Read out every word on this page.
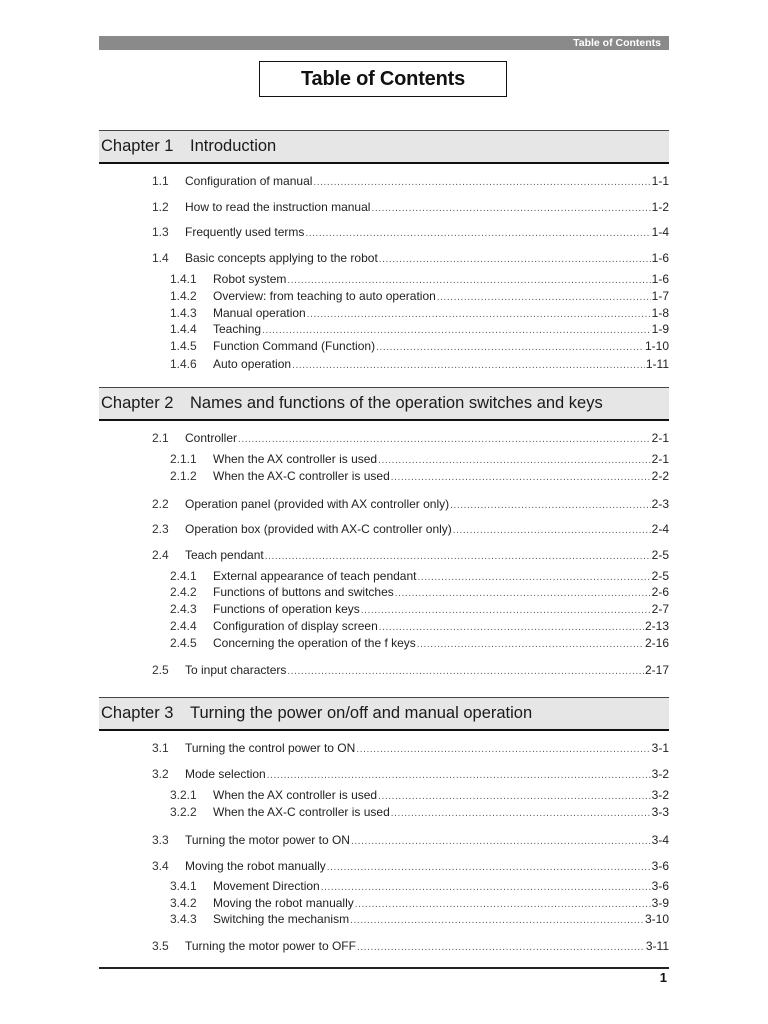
Table of Contents
Table of Contents
Chapter 1 Introduction
1.1 Configuration of manual .....	1-1
1.2 How to read the instruction manual .....	1-2
1.3 Frequently used terms .....	1-4
1.4 Basic concepts applying to the robot .....	1-6
1.4.1 Robot system .....	1-6
1.4.2 Overview: from teaching to auto operation .....	1-7
1.4.3 Manual operation .....	1-8
1.4.4 Teaching .....	1-9
1.4.5 Function Command (Function) .....	1-10
1.4.6 Auto operation .....	1-11
Chapter 2 Names and functions of the operation switches and keys
2.1 Controller .....	2-1
2.1.1 When the AX controller is used .....	2-1
2.1.2 When the AX-C controller is used .....	2-2
2.2 Operation panel (provided with AX controller only) .....	2-3
2.3 Operation box (provided with AX-C controller only) .....	2-4
2.4 Teach pendant .....	2-5
2.4.1 External appearance of teach pendant .....	2-5
2.4.2 Functions of buttons and switches .....	2-6
2.4.3 Functions of operation keys .....	2-7
2.4.4 Configuration of display screen .....	2-13
2.4.5 Concerning the operation of the f keys .....	2-16
2.5 To input characters .....	2-17
Chapter 3 Turning the power on/off and manual operation
3.1 Turning the control power to ON .....	3-1
3.2 Mode selection .....	3-2
3.2.1 When the AX controller is used .....	3-2
3.2.2 When the AX-C controller is used .....	3-3
3.3 Turning the motor power to ON .....	3-4
3.4 Moving the robot manually .....	3-6
3.4.1 Movement Direction .....	3-6
3.4.2 Moving the robot manually .....	3-9
3.4.3 Switching the mechanism .....	3-10
3.5 Turning the motor power to OFF .....	3-11
1
